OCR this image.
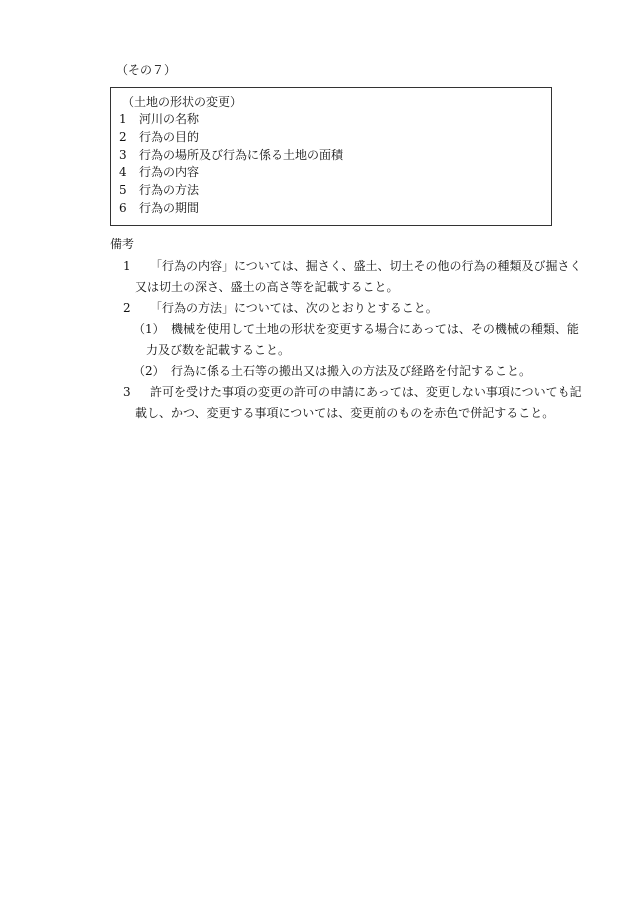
（その７）
（土地の形状の変更）
1	河川の名称
2	行為の目的
3	行為の場所及び行為に係る土地の面積
4	行為の内容
5	行為の方法
6	行為の期間
備考
1 「行為の内容」については、掘さく、盛土、切土その他の行為の種類及び掘さく
又は切土の深さ、盛土の高さ等を記載すること。
2 「行為の方法」については、次のとおりとすること。
（1） 機械を使用して土地の形状を変更する場合にあっては、その機械の種類、能
力及び数を記載すること。
（2） 行為に係る土石等の搬出又は搬入の方法及び経路を付記すること。
3 許可を受けた事項の変更の許可の申請にあっては、変更しない事項についても記
載し、かつ、変更する事項については、変更前のものを赤色で併記すること。
